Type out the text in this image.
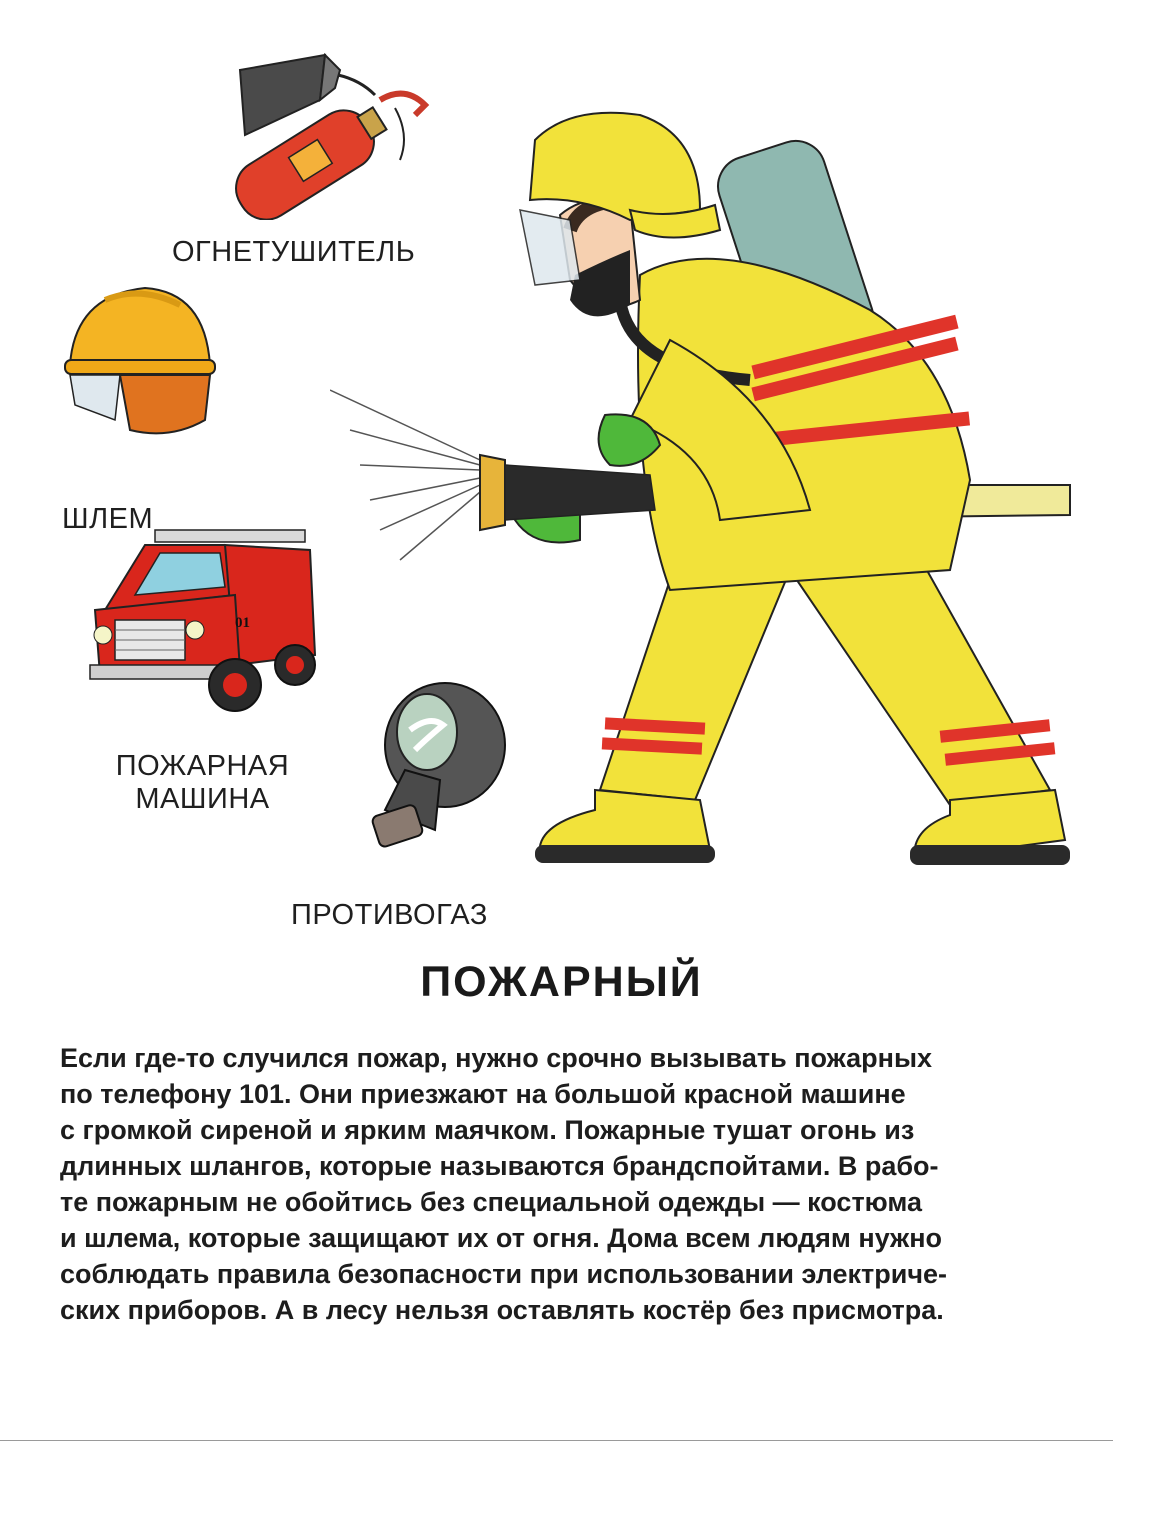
ОГНЕТУШИТЕЛЬ
ШЛЕМ
01
ПОЖАРНАЯ
МАШИНА
ПРОТИВОГАЗ
ПОЖАРНЫЙ
Если где-то случился пожар, нужно срочно вызывать пожарных
по телефону 101. Они приезжают на большой красной машине
с громкой сиреной и ярким маячком. Пожарные тушат огонь из
длинных шлангов, которые называются брандспойтами. В рабо-
те пожарным не обойтись без специальной одежды — костюма
и шлема, которые защищают их от огня. Дома всем людям нужно
соблюдать правила безопасности при использовании электриче-
ских приборов. А в лесу нельзя оставлять костёр без присмотра.
